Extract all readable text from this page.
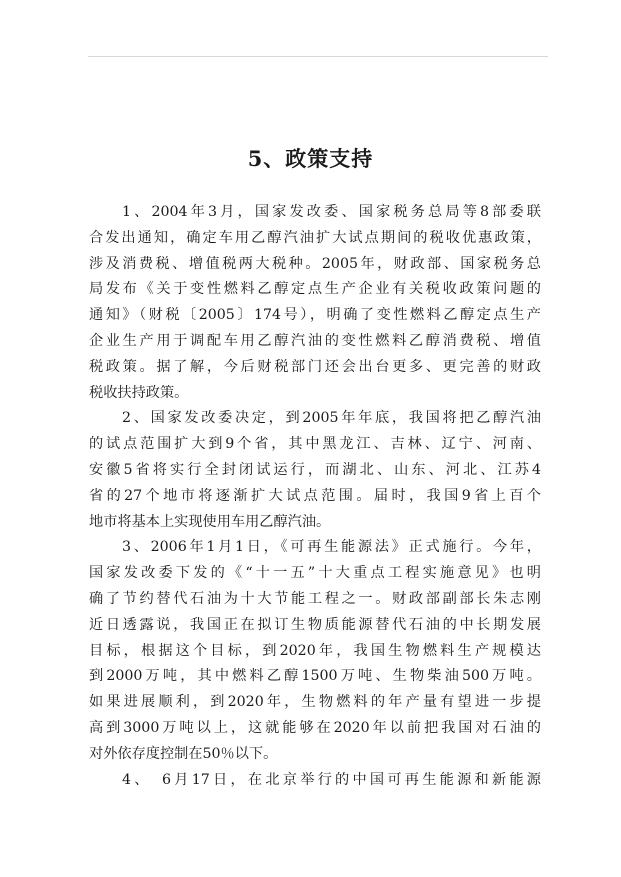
5、政策支持
1、2004年3月，国家发改委、国家税务总局等8部委联
合发出通知，确定车用乙醇汽油扩大试点期间的税收优惠政策，
涉及消费税、增值税两大税种。2005年，财政部、国家税务总
局发布《关于变性燃料乙醇定点生产企业有关税收政策问题的
通知》（财税〔2005〕174号），明确了变性燃料乙醇定点生产
企业生产用于调配车用乙醇汽油的变性燃料乙醇消费税、增值
税政策。据了解，今后财税部门还会出台更多、更完善的财政
税收扶持政策。
2、国家发改委决定，到2005年年底，我国将把乙醇汽油
的试点范围扩大到9个省，其中黑龙江、吉林、辽宁、河南、
安徽5省将实行全封闭试运行，而湖北、山东、河北、江苏4
省的27个地市将逐渐扩大试点范围。届时，我国9省上百个
地市将基本上实现使用车用乙醇汽油。
3、2006年1月1日，《可再生能源法》正式施行。今年，
国家发改委下发的《“十一五”十大重点工程实施意见》也明
确了节约替代石油为十大节能工程之一。财政部副部长朱志刚
近日透露说，我国正在拟订生物质能源替代石油的中长期发展
目标，根据这个目标，到2020年，我国生物燃料生产规模达
到2000万吨，其中燃料乙醇1500万吨、生物柴油500万吨。
如果进展顺利，到2020年，生物燃料的年产量有望进一步提
高到3000万吨以上，这就能够在2020年以前把我国对石油的
对外依存度控制在50％以下。
4、　6月17日，在北京举行的中国可再生能源和新能源
